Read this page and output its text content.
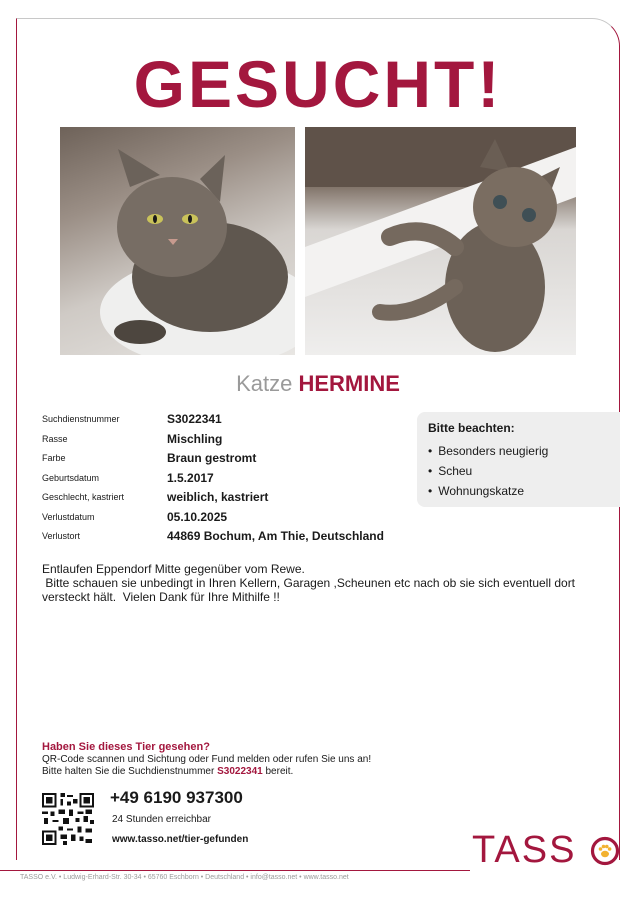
GESUCHT!
Katze HERMINE
Suchdienstnummer	S3022341
Rasse	Mischling
Farbe	Braun gestromt
Geburtsdatum	1.5.2017
Geschlecht, kastriert	weiblich, kastriert
Verlustdatum	05.10.2025
Verlustort	44869 Bochum, Am Thie, Deutschland
Bitte beachten:
• Besonders neugierig
• Scheu
• Wohnungskatze
Entlaufen Eppendorf Mitte gegenüber vom Rewe.
Bitte schauen sie unbedingt in Ihren Kellern, Garagen ,Scheunen etc nach ob sie sich eventuell dort versteckt hält.  Vielen Dank für Ihre Mithilfe !!
Haben Sie dieses Tier gesehen?
QR-Code scannen und Sichtung oder Fund melden oder rufen Sie uns an!
Bitte halten Sie die Suchdienstnummer S3022341 bereit.
+49 6190 937300
24 Stunden erreichbar
www.tasso.net/tier-gefunden	TASS
TASSO e.V. • Ludwig-Erhard-Str. 30-34 • 65760 Eschborn • Deutschland • info@tasso.net • www.tasso.net
